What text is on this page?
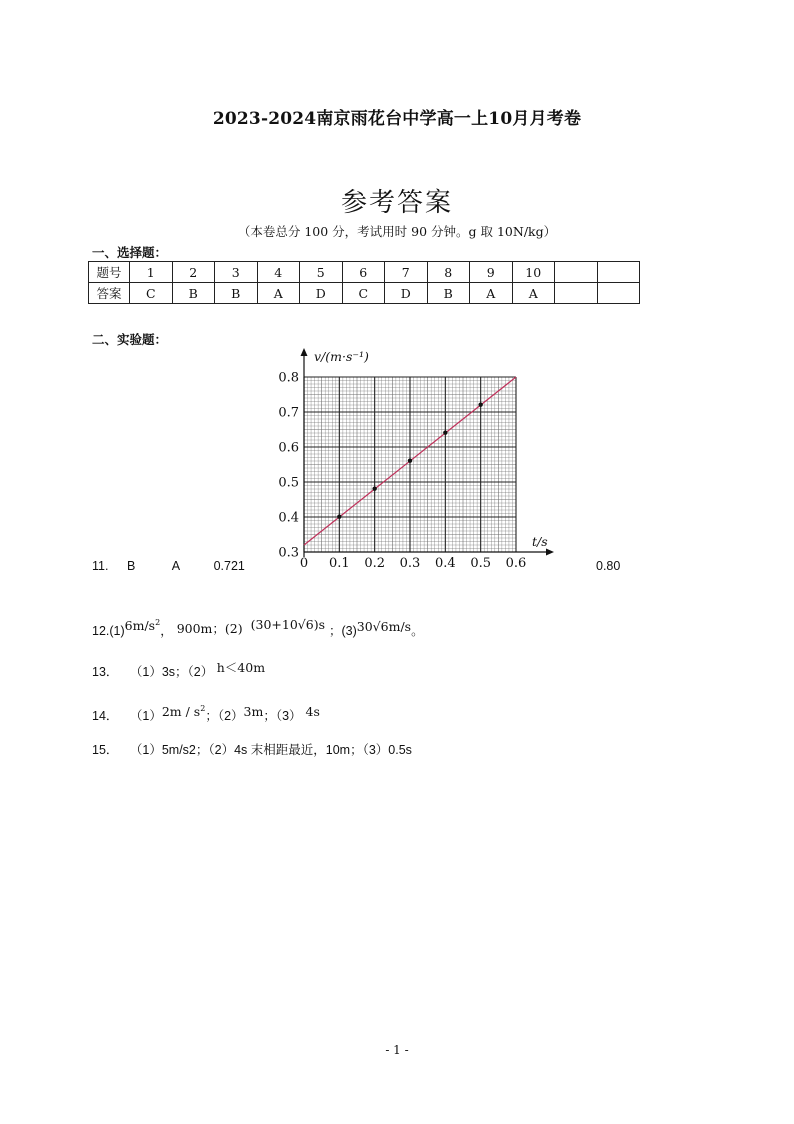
2023-2024南京雨花台中学高一上10月月考卷
参考答案
（本卷总分 100 分，考试用时 90 分钟。g 取 10N/kg）
一、选择题：
题号	1	2	3	4	5	6	7	8	9	10		
答案	C	B	B	A	D	C	D	B	A	A		
二、实验题：
0 0.1 0.2 0.3 0.4 0.5 0.6
0.3
0.4
0.5
0.6
0.7
0.8
v/(m·s⁻¹)
t/s
11. B	A	0.721	0.80
$12.(1)6m/s^2$， 900m；(2) (30+10√6)s ；(3)30√6m/s。
13． （1）3s；（2） h＜40m
14． $(1)2m / s^2$；（2）3m；（3） 4s
15． （1）5m/s2；（2）4s 末相距最近，10m；（3）0.5s
- 1 -
